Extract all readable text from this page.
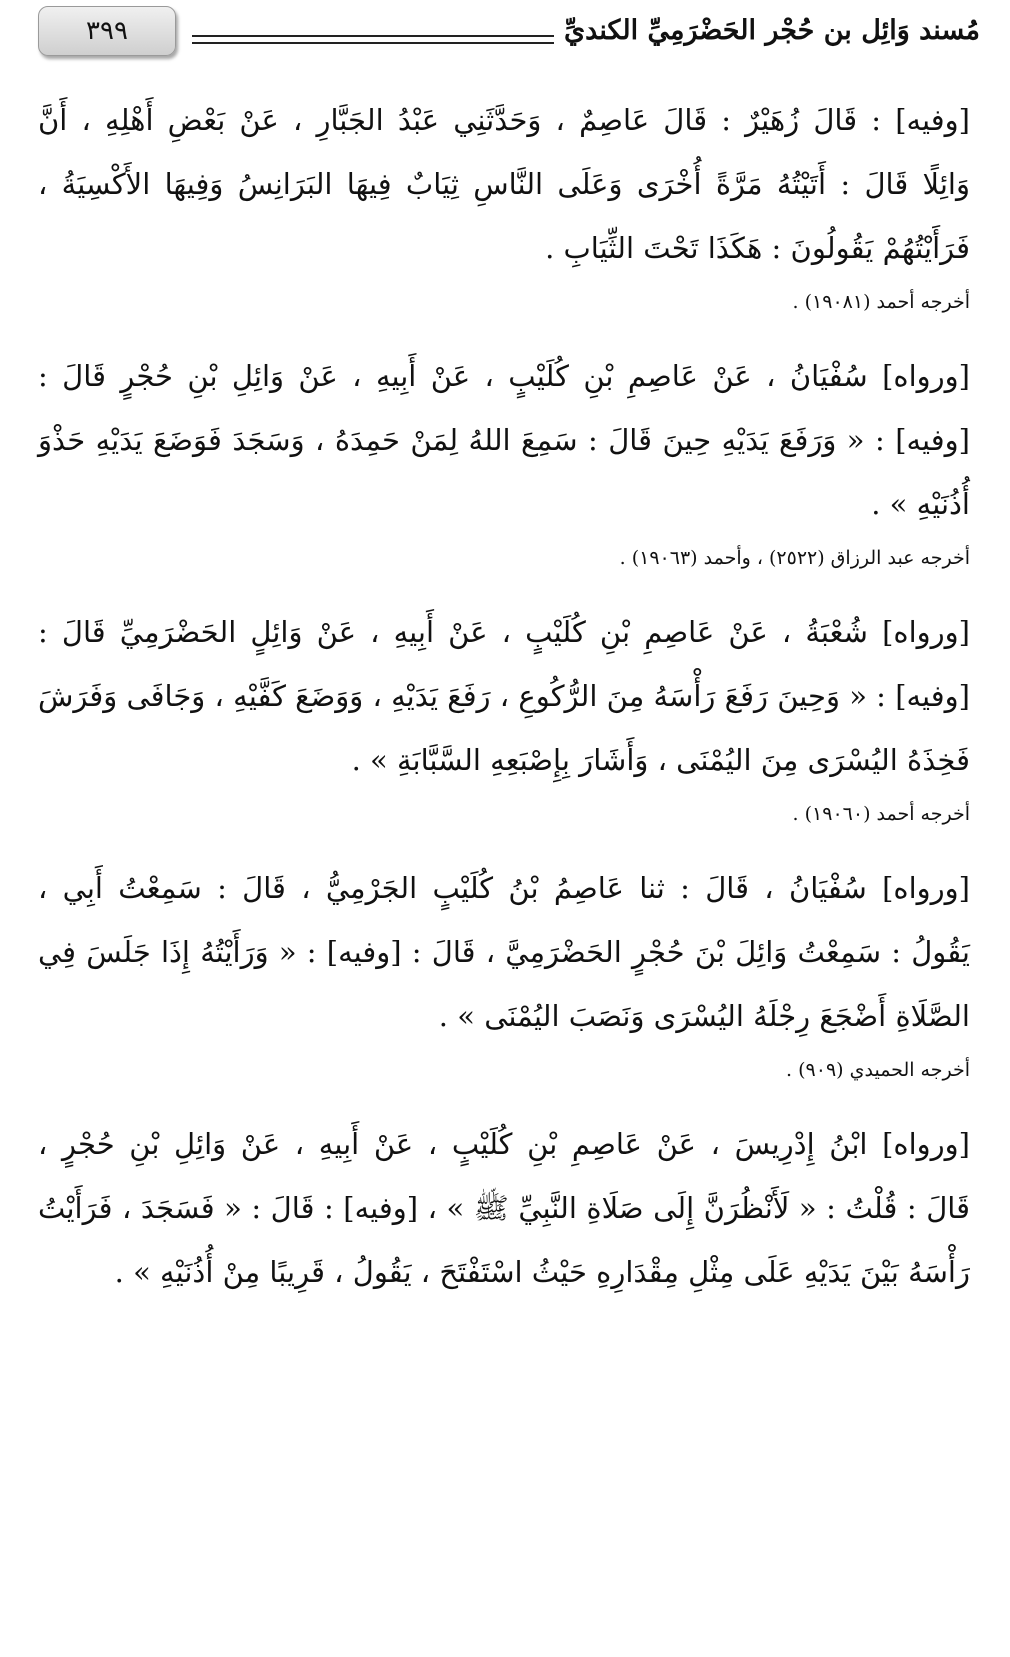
٣٩٩	مُسند وَائِل بن حُجْر الحَضْرَمِيِّ الكنديِّ
[وفيه] : قَالَ زُهَيْرٌ : قَالَ عَاصِمٌ ، وَحَدَّثَنِي عَبْدُ الجَبَّارِ ، عَنْ بَعْضِ أَهْلِهِ ، أَنَّ
وَائِلًا قَالَ : أَتَيْتُهُ مَرَّةً أُخْرَى وَعَلَى النَّاسِ ثِيَابٌ فِيهَا البَرَانِسُ وَفِيهَا الأَكْسِيَةُ ،
فَرَأَيْتُهُمْ يَقُولُونَ : هَكَذَا تَحْتَ الثِّيَابِ .
أخرجه أحمد (١٩٠٨١) .
[ورواه] سُفْيَانُ ، عَنْ عَاصِمِ بْنِ كُلَيْبٍ ، عَنْ أَبِيهِ ، عَنْ وَائِلِ بْنِ حُجْرٍ قَالَ :
[وفيه] : « وَرَفَعَ يَدَيْهِ حِينَ قَالَ : سَمِعَ اللهُ لِمَنْ حَمِدَهُ ، وَسَجَدَ فَوَضَعَ يَدَيْهِ حَذْوَ
أُذُنَيْهِ » .
أخرجه عبد الرزاق (٢٥٢٢) ، وأحمد (١٩٠٦٣) .
[ورواه] شُعْبَةُ ، عَنْ عَاصِمِ بْنِ كُلَيْبٍ ، عَنْ أَبِيهِ ، عَنْ وَائِلٍ الحَضْرَمِيِّ قَالَ :
[وفيه] : « وَحِينَ رَفَعَ رَأْسَهُ مِنَ الرُّكُوعِ ، رَفَعَ يَدَيْهِ ، وَوَضَعَ كَفَّيْهِ ، وَجَافَى وَفَرَشَ
فَخِذَهُ اليُسْرَى مِنَ اليُمْنَى ، وَأَشَارَ بِإِصْبَعِهِ السَّبَّابَةِ » .
أخرجه أحمد (١٩٠٦٠) .
[ورواه] سُفْيَانُ ، قَالَ : ثنا عَاصِمُ بْنُ كُلَيْبٍ الجَرْمِيُّ ، قَالَ : سَمِعْتُ أَبِي ،
يَقُولُ : سَمِعْتُ وَائِلَ بْنَ حُجْرٍ الحَضْرَمِيَّ ، قَالَ : [وفيه] : « وَرَأَيْتُهُ إِذَا جَلَسَ فِي
الصَّلَاةِ أَضْجَعَ رِجْلَهُ اليُسْرَى وَنَصَبَ اليُمْنَى » .
أخرجه الحميدي (٩٠٩) .
[ورواه] ابْنُ إِدْرِيسَ ، عَنْ عَاصِمِ بْنِ كُلَيْبٍ ، عَنْ أَبِيهِ ، عَنْ وَائِلِ بْنِ حُجْرٍ ،
قَالَ : قُلْتُ : « لَأَنْظُرَنَّ إِلَى صَلَاةِ النَّبِيِّ ﷺ » ، [وفيه] : قَالَ : « فَسَجَدَ ، فَرَأَيْتُ
رَأْسَهُ بَيْنَ يَدَيْهِ عَلَى مِثْلِ مِقْدَارِهِ حَيْثُ اسْتَفْتَحَ ، يَقُولُ ، قَرِيبًا مِنْ أُذُنَيْهِ » .
